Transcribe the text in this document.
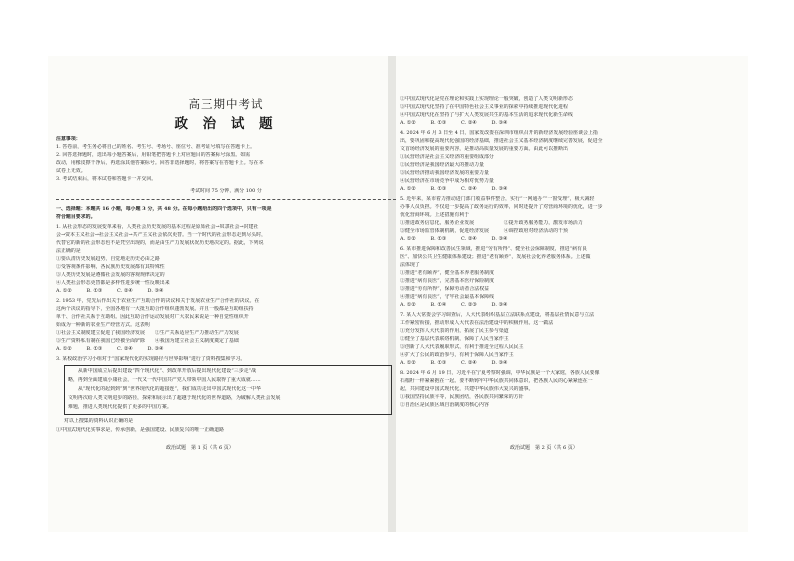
高三期中考试
政 治 试 题
注意事项：
1. 答卷前，考生务必将自己的姓名、考生号、考场号、座位号、准考证号填写在答题卡上。
2. 回答选择题时，选出每小题答案后，用铅笔把答题卡上对应题目的答案标号涂黑。如需
改动，用橡皮擦干净后，再选涂其他答案标号。回答非选择题时，将答案写在答题卡上。写在本
试卷上无效。
3. 考试结束后，将本试卷和答题卡一并交回。
考试时间 75 分钟，满分 100 分
一、选择题：本题共 16 小题，每小题 3 分，共 48 分。在每小题给出的四个选项中，只有一项是
符合题目要求的。
1. 从社会形态的发展变革来看，人类社会历史发展的基本过程是原始社会→奴隶社会→封建社
会→资本主义社会→社会主义社会→共产主义社会依次更替。当一个时代的社会形态走到尽头时，
代替它的新的社会形态也不是凭空出现的，而是由生产力发展状况历史地决定的。据此，下列说
法正确的是
①要认清历史发展趋势，自觉地走历史必由之路
②受客观条件影响，各民族历史发展都有其特殊性
③人类历史发展是遵循社会发展的客观规律决定的
④人类社会形态更替都是多样性进步统一性反映出来
A. ①②　　　B. ①③　　　C. ②④　　　D. ③④
2. 1953 年，党先后作出关于农业生产互助合作的决议和关于发展农业生产合作社的决议。在
这两个决议的指导下，全国各地有一大批互助合作组织蓬勃发展。并且一般都是互助组扶持
单干、合作社关系于互助组。因此互助合作运动发展对广大农民来说是一种自觉性组织开
始成为一种新的农业生产经营方式。这表明
①社会主义制度建立促进了我国经济发展　　②生产关系适应生产力推动生产力发展
③生产资料私有制在我国已经被全面铲除　　④我国为建立社会主义制度奠定了基础
A. ①②　　　B. ①③　　　C. ②④　　　D. ③④
3. 某校政治学习小组对于“国家现代化的实现路径与世界影响”进行了资料搜集和学习。
　　从新中国成立后提出建设“四个现代化”、到改革开放后提出现代化建设“三步走”战
略，再到全面建成小康社会，一代又一代中国共产党人带领中国人民取得了重大成就……
　　从“现代化的起到到”到“世界现代化的超接连”，我们成功走出中国式现代化这一中华
文明再次给人类文明进步的路径，探索和展示出了超越于现代化的世界道路，为破解人类社会发展
难题，推进人类现代化提供了更多的中国方案。
对以上搜集的资料认识正确的是
①中国式现代化实事求是，传承创新，是强国建设、民族复兴的唯一正确道路
政治试题　第 1 页（共 6 页）
②中国式现代化是党在理论和实践上实现理论一般突破，创造了人类文明新形态
③中国式现代化坚持了在中国特色社会主义事业的探索中持续推进现代化进程
④中国式现代化在坚持了与扩大人类发展共生的基本生活的追求现代化新生命线
A. ①②　　　B. ①③　　　C. ②④　　　D. ③④
4. 2024 年 6 月 3 日至 4 日，国家发改委在深圳市组织召开的新经济发展经验座谈会上指
出，要巩固和提高现代化强国的经济基础，推进社会主义基本经济制度继续完善发展，促进全
文首场经济发展的重要内容，是推动高质量发展的重要方面。由此可以推断出
①民营经济是社会主义经济的重要组成部分
②民营经济是我国经济最大的推动力量
③民营经济推动我国经济发展的重要力量
④民营经济在市场竞争中成为相对优势力量
A. ①②　　　B. ①③　　　C. ②④　　　D. ③④
5. 近年来，某市着力推动进门部门收益事件整合，实行“一网通办”“一窗受理”，极大减轻
办事人员负担。不仅进一步提高了政务运行的效率，同时还提升了对营商环境的优化，进一步
优化营商环境。上述措施有利于
①推进政务信息化，服务企业发展　　　　　　②提升政务服务能力，激发市场活力
③健全市场监管体制机制，促进经济发展　　　④调控政府对经济活动的干预
A. ①②　　　B. ①③　　　C. ②④　　　D. ③④
6. 某市推进保障和改善民生领域，推进“劳有所得”、健全社会保障制度，推进“病有良
医”、加快公共卫生健康体系建设；推进“老有颐养”，发展社会化养老服务体系。上述做
法体现了
①推进“老有颐养”，健全基本养老服务制度
②推进“病有良医”，完善基本医疗保险制度
③推进“劳有所得”，保障劳动者合法权益
④推进“病有良医”，守牢社会最基本保障线
A. ①②　　　B. ①④　　　C. ②③　　　D. ③④
7. 某人大常委会学习调查后，人大代表组织基层立法联系点建设，将基层社情民意与立法
工作紧密衔接，推动形成人大代表在法治建设中的积极作用。这一做法
①充分发挥人大代表的作用，拓展了民主参与渠道
②健全了基层代表联络机制，保障了人民当家作主
③创新了人大代表履职形式，有利于推进全过程人民民主
④扩大了公民的政治参与，有利于保障人民当家作主
A. ①②　　　B. ①③　　　C. ②④　　　D. ③④
8. 2024 年 6 月 19 日，习近平在宁夏考察时强调，中华民族是一个大家庭，各族人民要像
石榴籽一样紧紧抱在一起。要不断铸牢中华民族共同体意识，把各族人民的心紧紧连在一
起，共同建设中国式现代化，共建中华民族伟大复兴的盛事。
①我国坚持民族平等，民族团结，各民族共同繁荣的方针
②自治区是民族区域自治制度的核心内容
政治试题　第 2 页（共 6 页）
